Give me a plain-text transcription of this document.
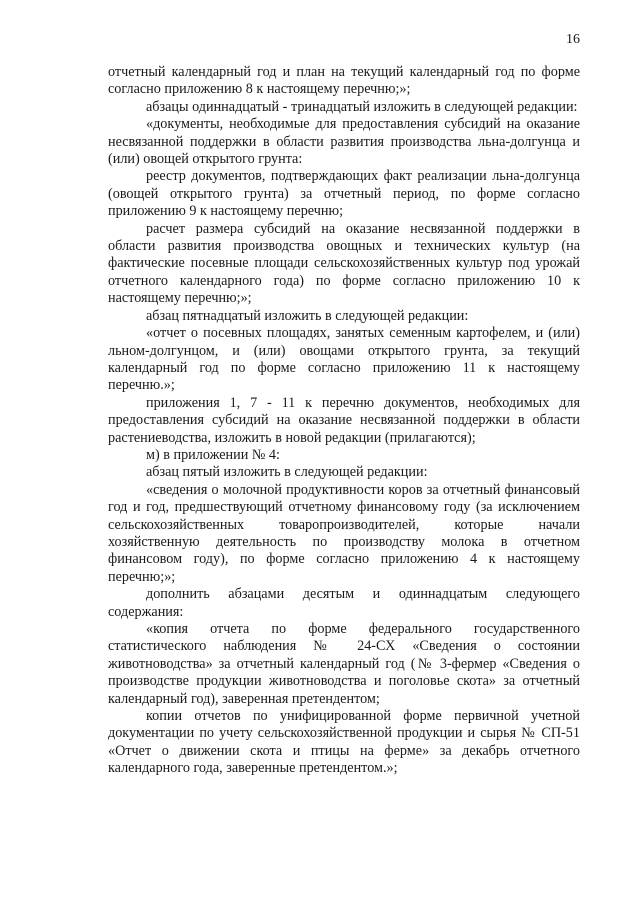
16

отчетный календарный год и план на текущий календарный год по форме согласно приложению 8 к настоящему перечню;»;

абзацы одиннадцатый - тринадцатый изложить в следующей редакции:

«документы, необходимые для предоставления субсидий на оказание несвязанной поддержки в области развития производства льна-долгунца и (или) овощей открытого грунта:

реестр документов, подтверждающих факт реализации льна-долгунца (овощей открытого грунта) за отчетный период, по форме согласно приложению 9 к настоящему перечню;

расчет размера субсидий на оказание несвязанной поддержки в области развития производства овощных и технических культур (на фактические посевные площади сельскохозяйственных культур под урожай отчетного календарного года) по форме согласно приложению 10 к настоящему перечню;»;

абзац пятнадцатый изложить в следующей редакции:

«отчет о посевных площадях, занятых семенным картофелем, и (или) льном-долгунцом, и (или) овощами открытого грунта, за текущий календарный год по форме согласно приложению 11 к настоящему перечню.»;

приложения 1, 7 - 11 к перечню документов, необходимых для предоставления субсидий на оказание несвязанной поддержки в области растениеводства, изложить в новой редакции (прилагаются);

м) в приложении № 4:

абзац пятый изложить в следующей редакции:

«сведения о молочной продуктивности коров за отчетный финансовый год и год, предшествующий отчетному финансовому году (за исключением сельскохозяйственных товаропроизводителей, которые начали хозяйственную деятельность по производству молока в отчетном финансовом году), по форме согласно приложению 4 к настоящему перечню;»;

дополнить абзацами десятым и одиннадцатым следующего содержания:

«копия отчета по форме федерального государственного статистического наблюдения № 24-СХ «Сведения о состоянии животноводства» за отчетный календарный год (№ 3-фермер «Сведения о производстве продукции животноводства и поголовье скота» за отчетный календарный год), заверенная претендентом;

копии отчетов по унифицированной форме первичной учетной документации по учету сельскохозяйственной продукции и сырья № СП-51 «Отчет о движении скота и птицы на ферме» за декабрь отчетного календарного года, заверенные претендентом.»;
